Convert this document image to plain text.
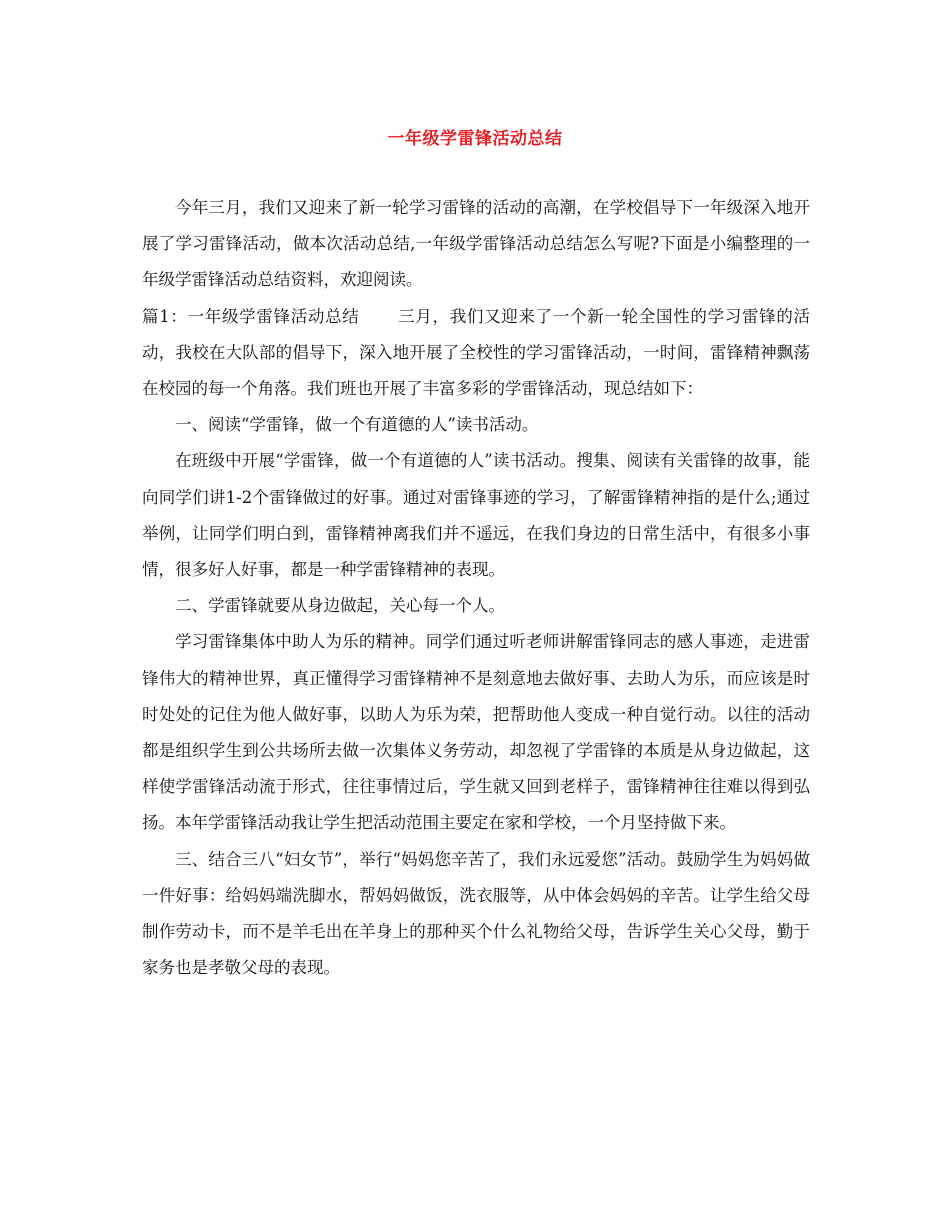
一年级学雷锋活动总结

今年三月，我们又迎来了新一轮学习雷锋的活动的高潮，在学校倡导下一年级深入地开展了学习雷锋活动，做本次活动总结,一年级学雷锋活动总结怎么写呢?下面是小编整理的一年级学雷锋活动总结资料，欢迎阅读。

篇1：一年级学雷锋活动总结 三月，我们又迎来了一个新一轮全国性的学习雷锋的活动，我校在大队部的倡导下，深入地开展了全校性的学习雷锋活动，一时间，雷锋精神飘荡在校园的每一个角落。我们班也开展了丰富多彩的学雷锋活动，现总结如下：

一、阅读“学雷锋，做一个有道德的人”读书活动。

在班级中开展“学雷锋，做一个有道德的人”读书活动。搜集、阅读有关雷锋的故事，能向同学们讲1-2个雷锋做过的好事。通过对雷锋事迹的学习，了解雷锋精神指的是什么;通过举例，让同学们明白到，雷锋精神离我们并不遥远，在我们身边的日常生活中，有很多小事情，很多好人好事，都是一种学雷锋精神的表现。

二、学雷锋就要从身边做起，关心每一个人。

学习雷锋集体中助人为乐的精神。同学们通过听老师讲解雷锋同志的感人事迹，走进雷锋伟大的精神世界，真正懂得学习雷锋精神不是刻意地去做好事、去助人为乐，而应该是时时处处的记住为他人做好事，以助人为乐为荣，把帮助他人变成一种自觉行动。以往的活动都是组织学生到公共场所去做一次集体义务劳动，却忽视了学雷锋的本质是从身边做起，这样使学雷锋活动流于形式，往往事情过后，学生就又回到老样子，雷锋精神往往难以得到弘扬。本年学雷锋活动我让学生把活动范围主要定在家和学校，一个月坚持做下来。

三、结合三八“妇女节”，举行“妈妈您辛苦了，我们永远爱您”活动。鼓励学生为妈妈做一件好事：给妈妈端洗脚水，帮妈妈做饭，洗衣服等，从中体会妈妈的辛苦。让学生给父母制作劳动卡，而不是羊毛出在羊身上的那种买个什么礼物给父母，告诉学生关心父母，勤于家务也是孝敬父母的表现。
